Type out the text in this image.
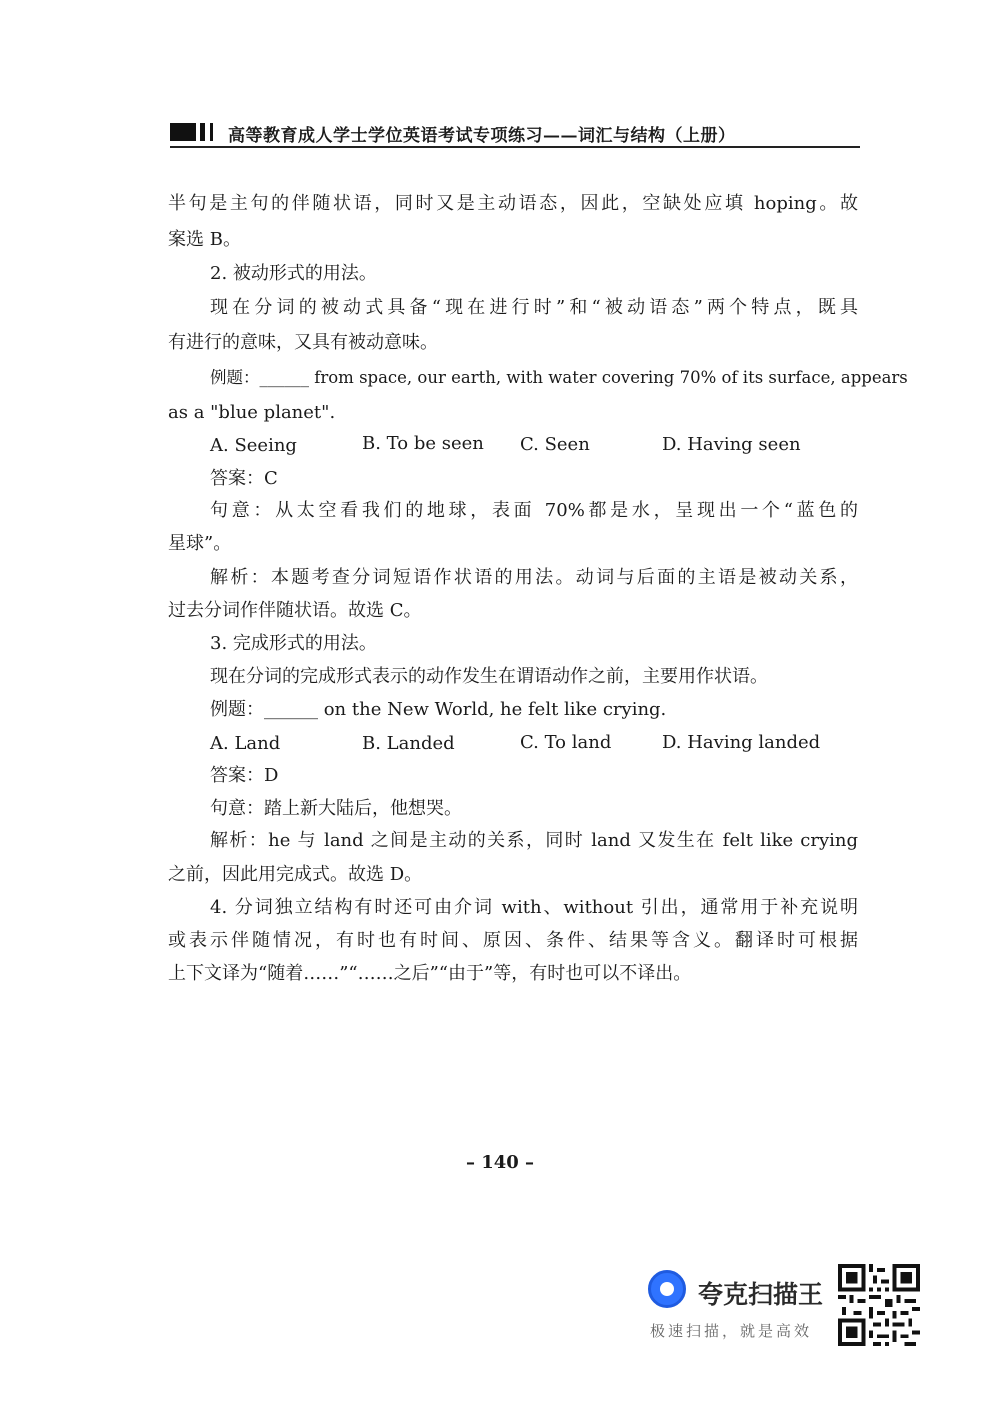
高等教育成人学士学位英语考试专项练习——词汇与结构（上册）
半句是主句的伴随状语，同时又是主动语态，因此，空缺处应填 hoping。故
案选 B。
2. 被动形式的用法。
现在分词的被动式具备“现在进行时”和“被动语态”两个特点，既具
有进行的意味，又具有被动意味。
例题：______ from space, our earth, with water covering 70% of its surface, appears
as a "blue planet".
A. Seeing	B. To be seen C. Seen	D. Having seen
答案：C
句意：从太空看我们的地球，表面 70%都是水，呈现出一个“蓝色的
星球”。
解析：本题考查分词短语作状语的用法。动词与后面的主语是被动关系，
过去分词作伴随状语。故选 C。
3. 完成形式的用法。
现在分词的完成形式表示的动作发生在谓语动作之前，主要用作状语。
例题：______ on the New World, he felt like crying.
A. Land	B. Landed	C. To land	D. Having landed
答案：D
句意：踏上新大陆后，他想哭。
解析：he 与 land 之间是主动的关系，同时 land 又发生在 felt like crying
之前，因此用完成式。故选 D。
4. 分词独立结构有时还可由介词 with、without 引出，通常用于补充说明
或表示伴随情况，有时也有时间、原因、条件、结果等含义。翻译时可根据
上下文译为“随着……”“……之后”“由于”等，有时也可以不译出。
– 140 –
夸克扫描王
极速扫描，就是高效
